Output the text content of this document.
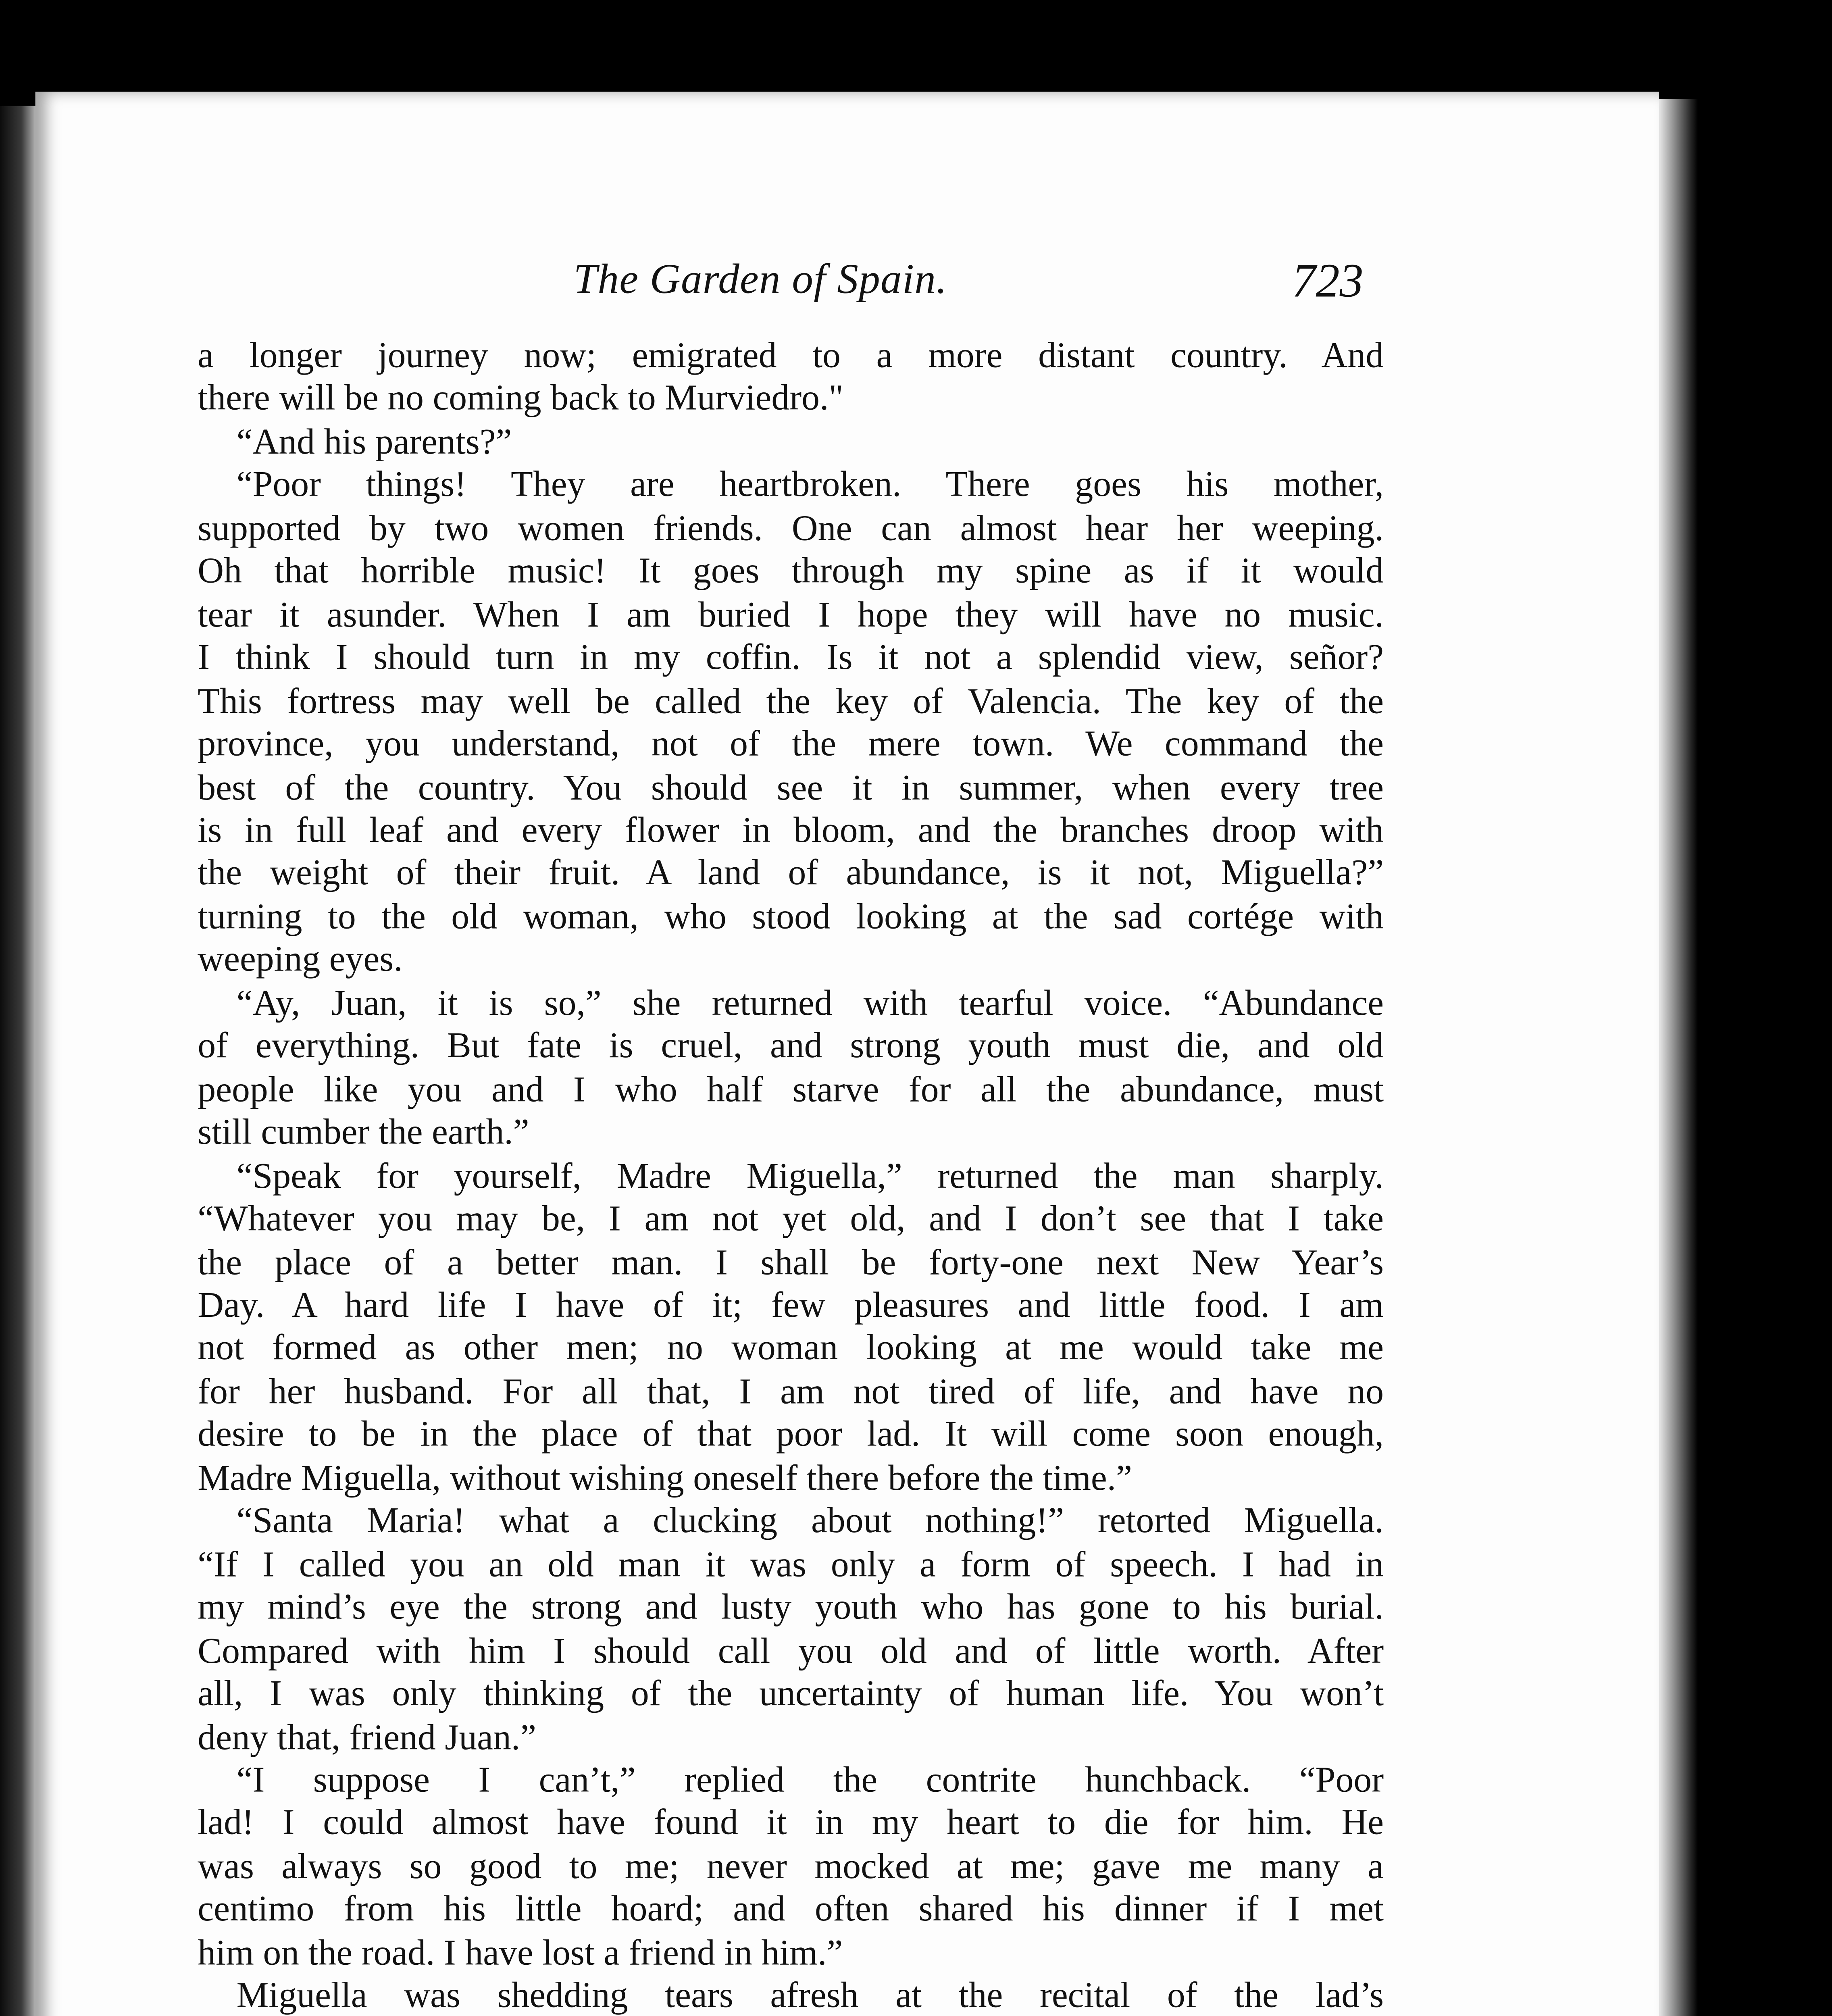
The Garden of Spain.	723
a longer journey now; emigrated to a more distant country. And
there will be no coming back to Murviedro."
“And his parents?”
“Poor things! They are heartbroken. There goes his mother,
supported by two women friends. One can almost hear her weeping.
Oh that horrible music! It goes through my spine as if it would
tear it asunder. When I am buried I hope they will have no music.
I think I should turn in my coffin. Is it not a splendid view, señor?
This fortress may well be called the key of Valencia. The key of the
province, you understand, not of the mere town. We command the
best of the country. You should see it in summer, when every tree
is in full leaf and every flower in bloom, and the branches droop with
the weight of their fruit. A land of abundance, is it not, Miguella?”
turning to the old woman, who stood looking at the sad cortége with
weeping eyes.
“Ay, Juan, it is so,” she returned with tearful voice. “Abundance
of everything. But fate is cruel, and strong youth must die, and old
people like you and I who half starve for all the abundance, must
still cumber the earth.”
“Speak for yourself, Madre Miguella,” returned the man sharply.
“Whatever you may be, I am not yet old, and I don’t see that I take
the place of a better man. I shall be forty-one next New Year’s
Day. A hard life I have of it; few pleasures and little food. I am
not formed as other men; no woman looking at me would take me
for her husband. For all that, I am not tired of life, and have no
desire to be in the place of that poor lad. It will come soon enough,
Madre Miguella, without wishing oneself there before the time.”
“Santa Maria! what a clucking about nothing!” retorted Miguella.
“If I called you an old man it was only a form of speech. I had in
my mind’s eye the strong and lusty youth who has gone to his burial.
Compared with him I should call you old and of little worth. After
all, I was only thinking of the uncertainty of human life. You won’t
deny that, friend Juan.”
“I suppose I can’t,” replied the contrite hunchback. “Poor
lad! I could almost have found it in my heart to die for him. He
was always so good to me; never mocked at me; gave me many a
centimo from his little hoard; and often shared his dinner if I met
him on the road. I have lost a friend in him.”
Miguella was shedding tears afresh at the recital of the lad’s
